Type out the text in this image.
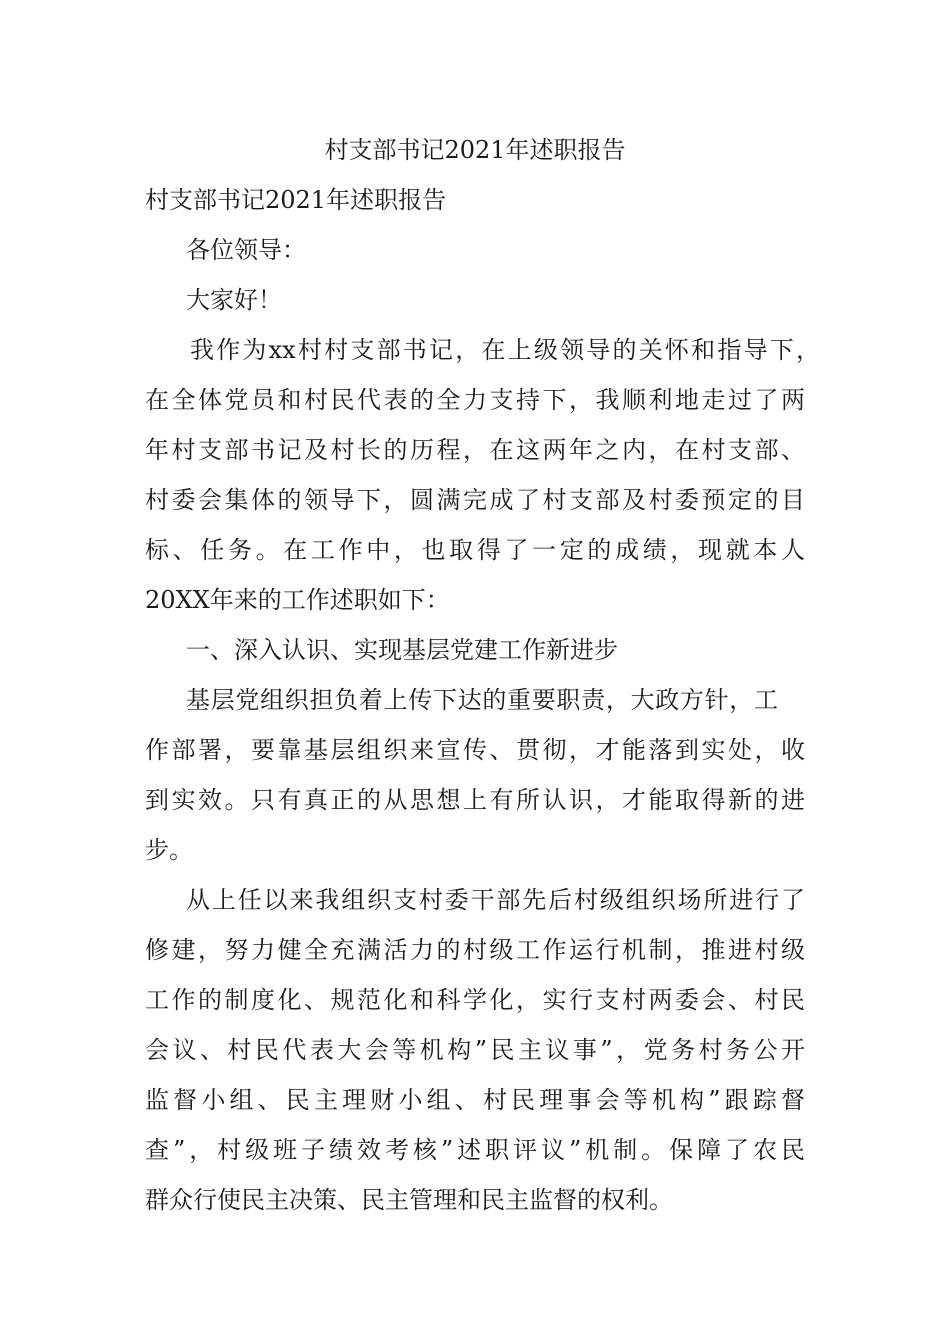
村支部书记2021年述职报告

村支部书记2021年述职报告

各位领导：

大家好！

我作为xx村村支部书记，在上级领导的关怀和指导下，

在全体党员和村民代表的全力支持下，我顺利地走过了两

年村支部书记及村长的历程，在这两年之内，在村支部、

村委会集体的领导下，圆满完成了村支部及村委预定的目

标、任务。在工作中，也取得了一定的成绩，现就本人

20XX年来的工作述职如下：

一、深入认识、实现基层党建工作新进步

基层党组织担负着上传下达的重要职责，大政方针，工

作部署，要靠基层组织来宣传、贯彻，才能落到实处，收

到实效。只有真正的从思想上有所认识，才能取得新的进

步。

从上任以来我组织支村委干部先后村级组织场所进行了

修建，努力健全充满活力的村级工作运行机制，推进村级

工作的制度化、规范化和科学化，实行支村两委会、村民

会议、村民代表大会等机构”民主议事”，党务村务公开

监督小组、民主理财小组、村民理事会等机构”跟踪督

查”，村级班子绩效考核”述职评议”机制。保障了农民

群众行使民主决策、民主管理和民主监督的权利。
